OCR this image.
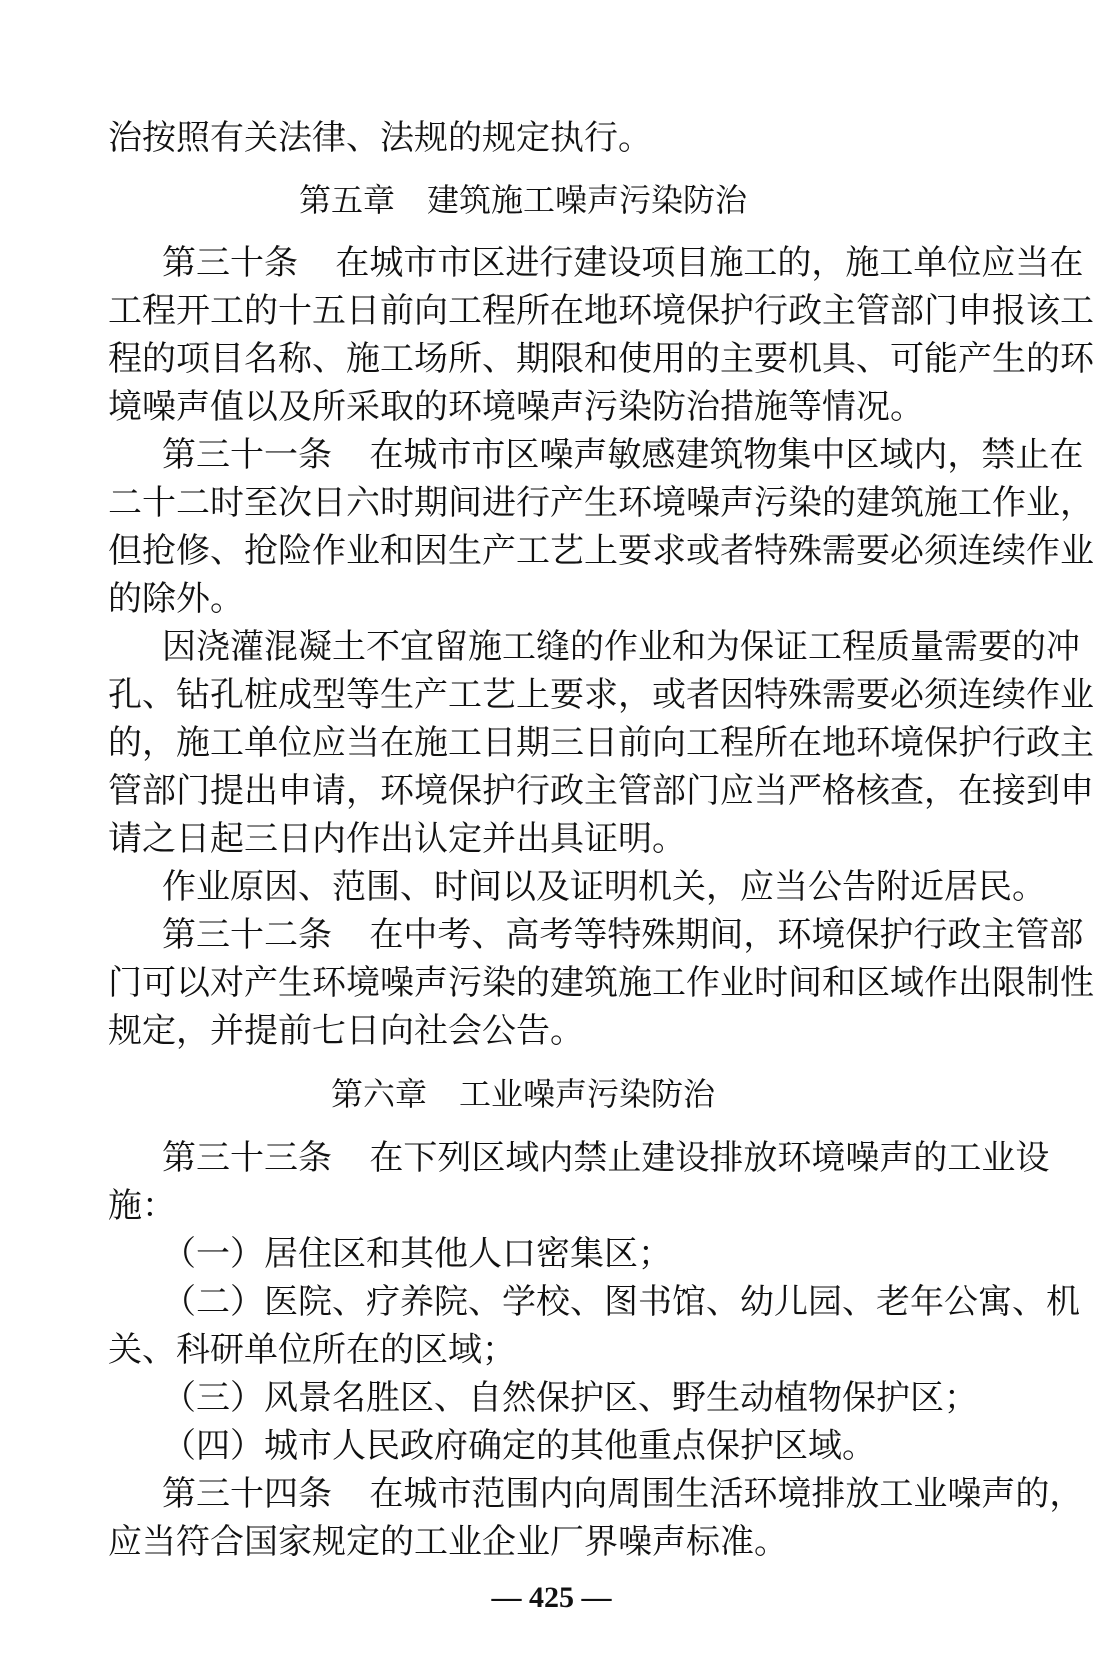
治按照有关法律、法规的规定执行。
第五章　建筑施工噪声污染防治
第三十条 在城市市区进行建设项目施工的，施工单位应当在
工程开工的十五日前向工程所在地环境保护行政主管部门申报该工
程的项目名称、施工场所、期限和使用的主要机具、可能产生的环
境噪声值以及所采取的环境噪声污染防治措施等情况。
第三十一条 在城市市区噪声敏感建筑物集中区域内，禁止在
二十二时至次日六时期间进行产生环境噪声污染的建筑施工作业，
但抢修、抢险作业和因生产工艺上要求或者特殊需要必须连续作业
的除外。
因浇灌混凝土不宜留施工缝的作业和为保证工程质量需要的冲
孔、钻孔桩成型等生产工艺上要求，或者因特殊需要必须连续作业
的，施工单位应当在施工日期三日前向工程所在地环境保护行政主
管部门提出申请，环境保护行政主管部门应当严格核查，在接到申
请之日起三日内作出认定并出具证明。
作业原因、范围、时间以及证明机关，应当公告附近居民。
第三十二条 在中考、高考等特殊期间，环境保护行政主管部
门可以对产生环境噪声污染的建筑施工作业时间和区域作出限制性
规定，并提前七日向社会公告。
第六章　工业噪声污染防治
第三十三条 在下列区域内禁止建设排放环境噪声的工业设
施：
（一）居住区和其他人口密集区；
（二）医院、疗养院、学校、图书馆、幼儿园、老年公寓、机
关、科研单位所在的区域；
（三）风景名胜区、自然保护区、野生动植物保护区；
（四）城市人民政府确定的其他重点保护区域。
第三十四条 在城市范围内向周围生活环境排放工业噪声的，
应当符合国家规定的工业企业厂界噪声标准。
— 425 —
